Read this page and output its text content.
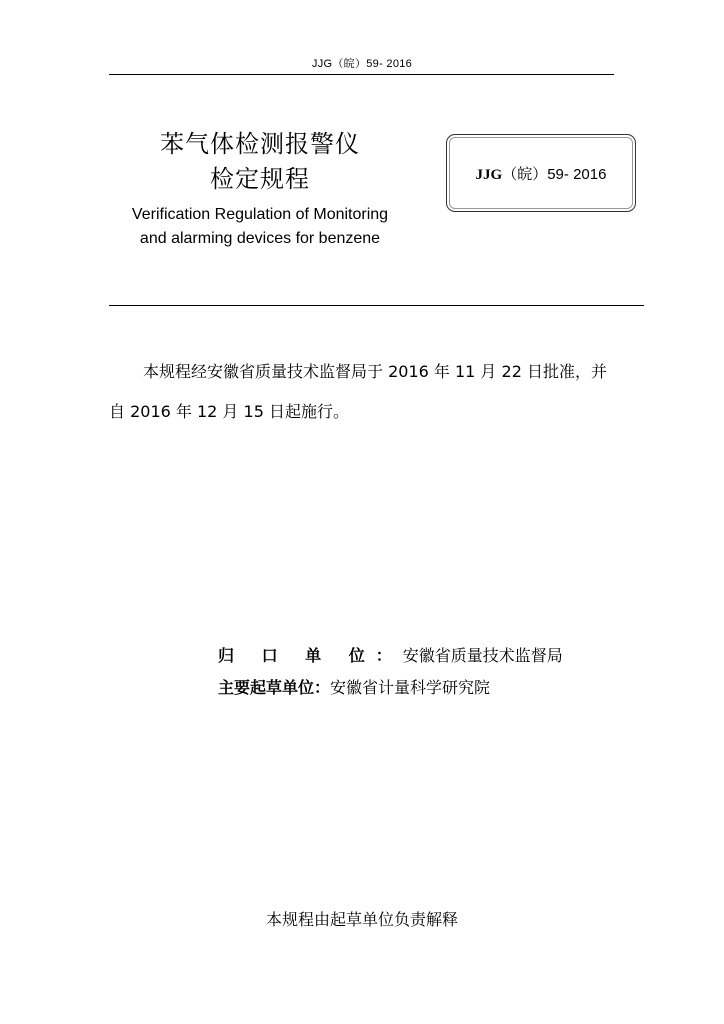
JJG（皖）59- 2016
苯气体检测报警仪
检定规程
Verification Regulation of Monitoring
and alarming devices for benzene
JJG（皖）59- 2016
本规程经安徽省质量技术监督局于 2016 年 11 月 22 日批准，并
自 2016 年 12 月 15 日起施行。
归 口 单 位：安徽省质量技术监督局
主要起草单位：安徽省计量科学研究院
本规程由起草单位负责解释
